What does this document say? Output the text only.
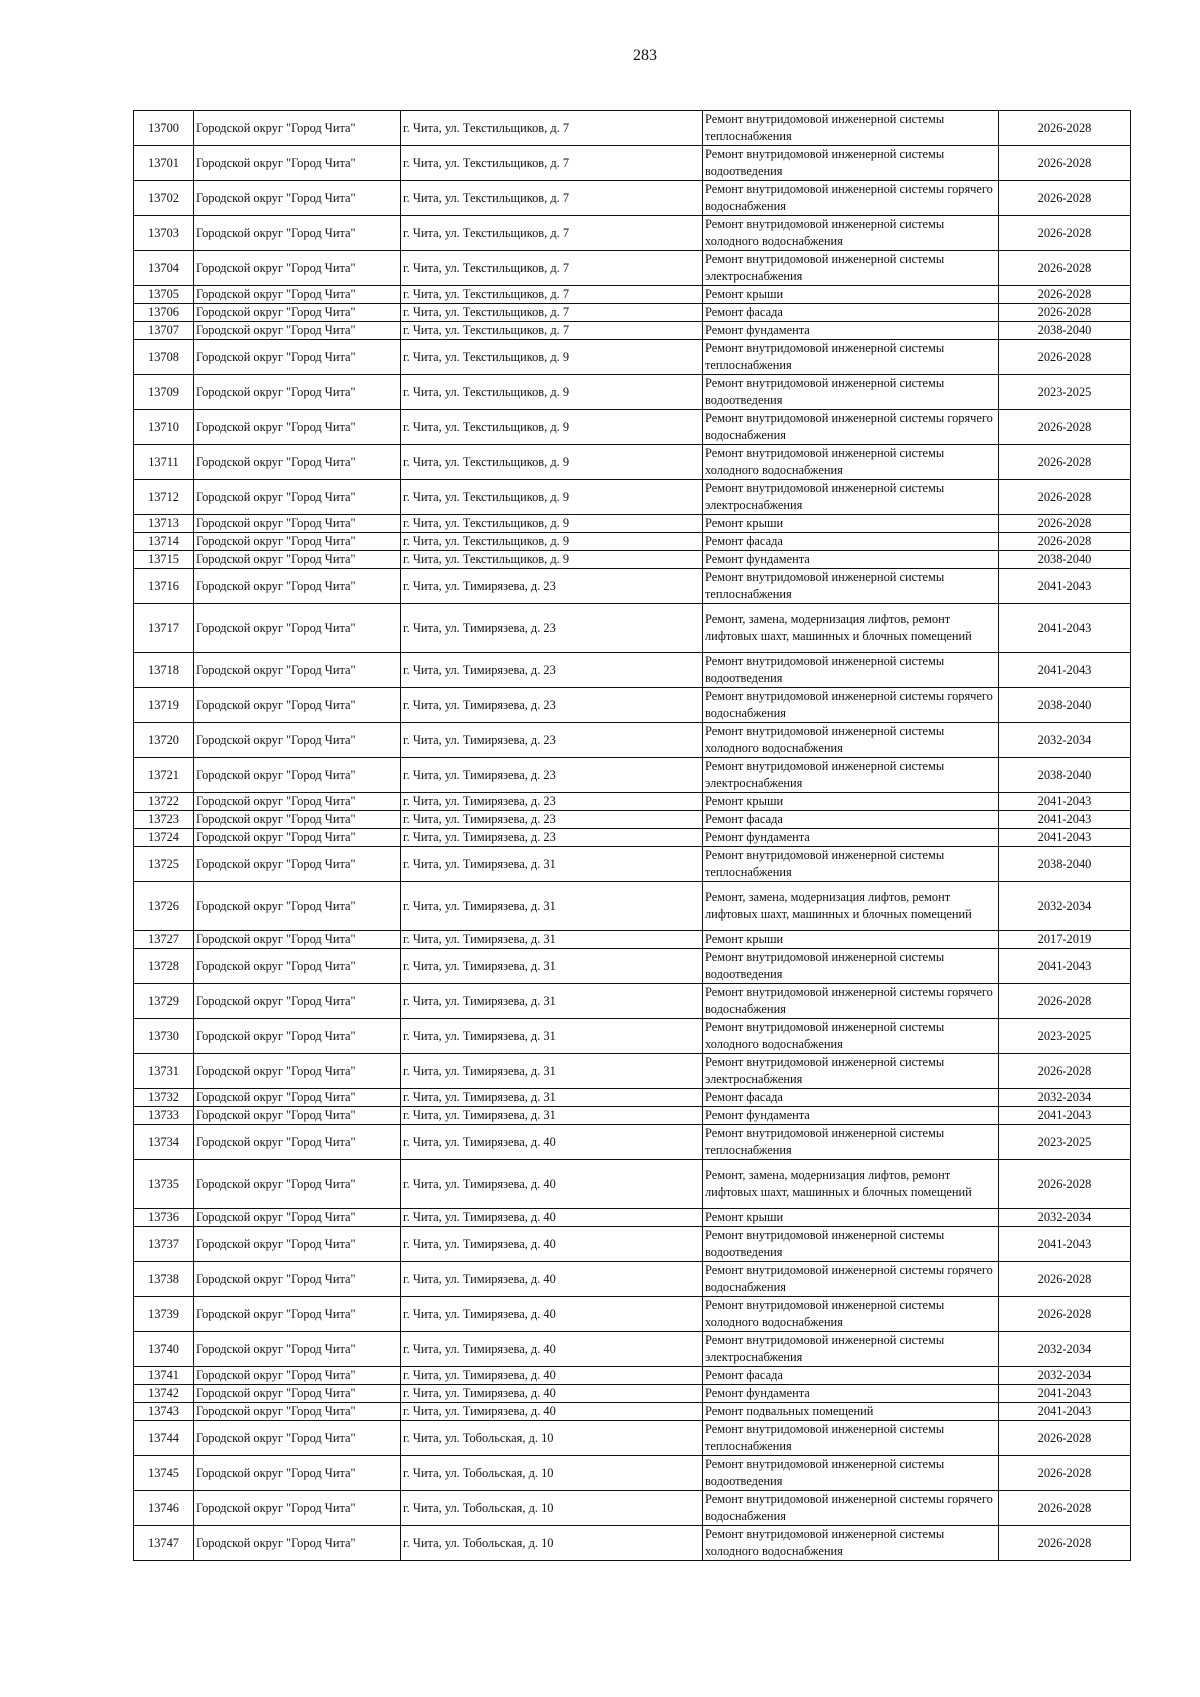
283
13700	Городской округ "Город Чита"	г. Чита, ул. Текстильщиков, д. 7	Ремонт внутридомовой инженерной системы теплоснабжения	2026-2028
13701	Городской округ "Город Чита"	г. Чита, ул. Текстильщиков, д. 7	Ремонт внутридомовой инженерной системы водоотведения	2026-2028
13702	Городской округ "Город Чита"	г. Чита, ул. Текстильщиков, д. 7	Ремонт внутридомовой инженерной системы горячего водоснабжения	2026-2028
13703	Городской округ "Город Чита"	г. Чита, ул. Текстильщиков, д. 7	Ремонт внутридомовой инженерной системы холодного водоснабжения	2026-2028
13704	Городской округ "Город Чита"	г. Чита, ул. Текстильщиков, д. 7	Ремонт внутридомовой инженерной системы электроснабжения	2026-2028
13705	Городской округ "Город Чита"	г. Чита, ул. Текстильщиков, д. 7	Ремонт крыши	2026-2028
13706	Городской округ "Город Чита"	г. Чита, ул. Текстильщиков, д. 7	Ремонт фасада	2026-2028
13707	Городской округ "Город Чита"	г. Чита, ул. Текстильщиков, д. 7	Ремонт фундамента	2038-2040
13708	Городской округ "Город Чита"	г. Чита, ул. Текстильщиков, д. 9	Ремонт внутридомовой инженерной системы теплоснабжения	2026-2028
13709	Городской округ "Город Чита"	г. Чита, ул. Текстильщиков, д. 9	Ремонт внутридомовой инженерной системы водоотведения	2023-2025
13710	Городской округ "Город Чита"	г. Чита, ул. Текстильщиков, д. 9	Ремонт внутридомовой инженерной системы горячего водоснабжения	2026-2028
13711	Городской округ "Город Чита"	г. Чита, ул. Текстильщиков, д. 9	Ремонт внутридомовой инженерной системы холодного водоснабжения	2026-2028
13712	Городской округ "Город Чита"	г. Чита, ул. Текстильщиков, д. 9	Ремонт внутридомовой инженерной системы электроснабжения	2026-2028
13713	Городской округ "Город Чита"	г. Чита, ул. Текстильщиков, д. 9	Ремонт крыши	2026-2028
13714	Городской округ "Город Чита"	г. Чита, ул. Текстильщиков, д. 9	Ремонт фасада	2026-2028
13715	Городской округ "Город Чита"	г. Чита, ул. Текстильщиков, д. 9	Ремонт фундамента	2038-2040
13716	Городской округ "Город Чита"	г. Чита, ул. Тимирязева, д. 23	Ремонт внутридомовой инженерной системы теплоснабжения	2041-2043
13717	Городской округ "Город Чита"	г. Чита, ул. Тимирязева, д. 23	Ремонт, замена, модернизация лифтов, ремонт лифтовых шахт, машинных и блочных помещений	2041-2043
13718	Городской округ "Город Чита"	г. Чита, ул. Тимирязева, д. 23	Ремонт внутридомовой инженерной системы водоотведения	2041-2043
13719	Городской округ "Город Чита"	г. Чита, ул. Тимирязева, д. 23	Ремонт внутридомовой инженерной системы горячего водоснабжения	2038-2040
13720	Городской округ "Город Чита"	г. Чита, ул. Тимирязева, д. 23	Ремонт внутридомовой инженерной системы холодного водоснабжения	2032-2034
13721	Городской округ "Город Чита"	г. Чита, ул. Тимирязева, д. 23	Ремонт внутридомовой инженерной системы электроснабжения	2038-2040
13722	Городской округ "Город Чита"	г. Чита, ул. Тимирязева, д. 23	Ремонт крыши	2041-2043
13723	Городской округ "Город Чита"	г. Чита, ул. Тимирязева, д. 23	Ремонт фасада	2041-2043
13724	Городской округ "Город Чита"	г. Чита, ул. Тимирязева, д. 23	Ремонт фундамента	2041-2043
13725	Городской округ "Город Чита"	г. Чита, ул. Тимирязева, д. 31	Ремонт внутридомовой инженерной системы теплоснабжения	2038-2040
13726	Городской округ "Город Чита"	г. Чита, ул. Тимирязева, д. 31	Ремонт, замена, модернизация лифтов, ремонт лифтовых шахт, машинных и блочных помещений	2032-2034
13727	Городской округ "Город Чита"	г. Чита, ул. Тимирязева, д. 31	Ремонт крыши	2017-2019
13728	Городской округ "Город Чита"	г. Чита, ул. Тимирязева, д. 31	Ремонт внутридомовой инженерной системы водоотведения	2041-2043
13729	Городской округ "Город Чита"	г. Чита, ул. Тимирязева, д. 31	Ремонт внутридомовой инженерной системы горячего водоснабжения	2026-2028
13730	Городской округ "Город Чита"	г. Чита, ул. Тимирязева, д. 31	Ремонт внутридомовой инженерной системы холодного водоснабжения	2023-2025
13731	Городской округ "Город Чита"	г. Чита, ул. Тимирязева, д. 31	Ремонт внутридомовой инженерной системы электроснабжения	2026-2028
13732	Городской округ "Город Чита"	г. Чита, ул. Тимирязева, д. 31	Ремонт фасада	2032-2034
13733	Городской округ "Город Чита"	г. Чита, ул. Тимирязева, д. 31	Ремонт фундамента	2041-2043
13734	Городской округ "Город Чита"	г. Чита, ул. Тимирязева, д. 40	Ремонт внутридомовой инженерной системы теплоснабжения	2023-2025
13735	Городской округ "Город Чита"	г. Чита, ул. Тимирязева, д. 40	Ремонт, замена, модернизация лифтов, ремонт лифтовых шахт, машинных и блочных помещений	2026-2028
13736	Городской округ "Город Чита"	г. Чита, ул. Тимирязева, д. 40	Ремонт крыши	2032-2034
13737	Городской округ "Город Чита"	г. Чита, ул. Тимирязева, д. 40	Ремонт внутридомовой инженерной системы водоотведения	2041-2043
13738	Городской округ "Город Чита"	г. Чита, ул. Тимирязева, д. 40	Ремонт внутридомовой инженерной системы горячего водоснабжения	2026-2028
13739	Городской округ "Город Чита"	г. Чита, ул. Тимирязева, д. 40	Ремонт внутридомовой инженерной системы холодного водоснабжения	2026-2028
13740	Городской округ "Город Чита"	г. Чита, ул. Тимирязева, д. 40	Ремонт внутридомовой инженерной системы электроснабжения	2032-2034
13741	Городской округ "Город Чита"	г. Чита, ул. Тимирязева, д. 40	Ремонт фасада	2032-2034
13742	Городской округ "Город Чита"	г. Чита, ул. Тимирязева, д. 40	Ремонт фундамента	2041-2043
13743	Городской округ "Город Чита"	г. Чита, ул. Тимирязева, д. 40	Ремонт подвальных помещений	2041-2043
13744	Городской округ "Город Чита"	г. Чита, ул. Тобольская, д. 10	Ремонт внутридомовой инженерной системы теплоснабжения	2026-2028
13745	Городской округ "Город Чита"	г. Чита, ул. Тобольская, д. 10	Ремонт внутридомовой инженерной системы водоотведения	2026-2028
13746	Городской округ "Город Чита"	г. Чита, ул. Тобольская, д. 10	Ремонт внутридомовой инженерной системы горячего водоснабжения	2026-2028
13747	Городской округ "Город Чита"	г. Чита, ул. Тобольская, д. 10	Ремонт внутридомовой инженерной системы холодного водоснабжения	2026-2028
